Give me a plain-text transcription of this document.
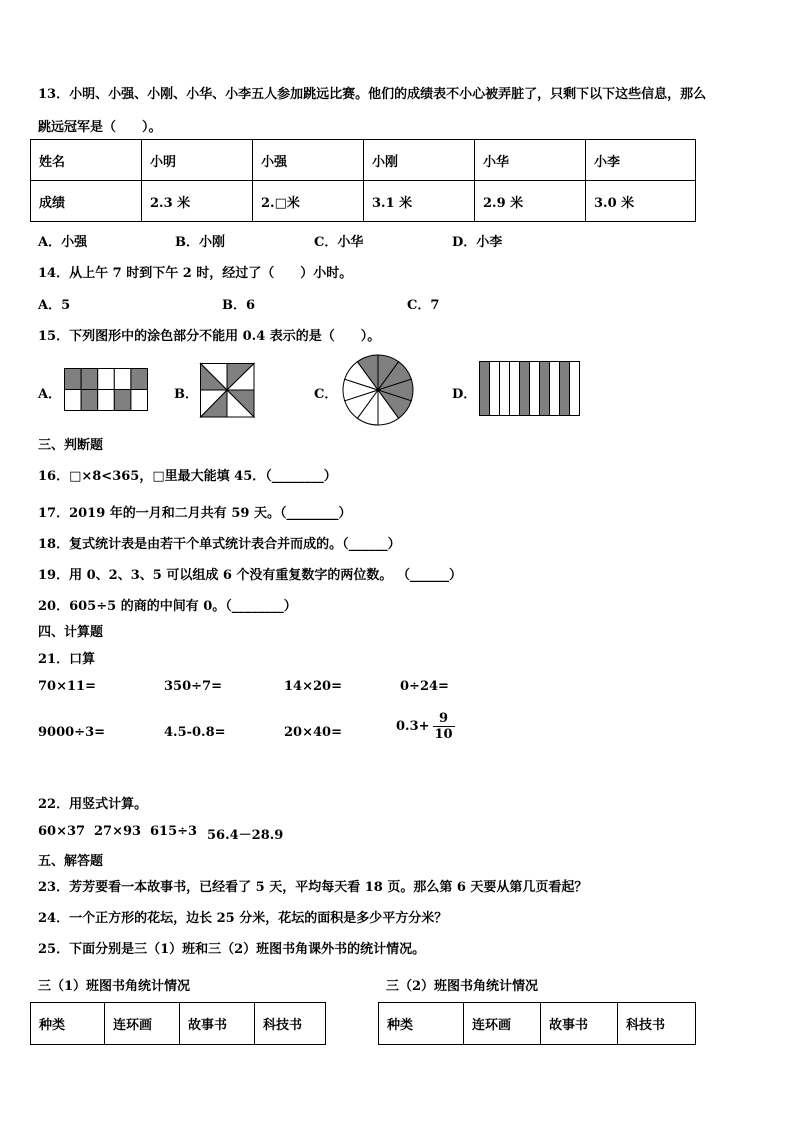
13．小明、小强、小刚、小华、小李五人参加跳远比赛。他们的成绩表不小心被弄脏了，只剩下以下这些信息，那么
跳远冠军是（　　）。
姓名	小明	小强	小刚	小华	小李
成绩	2.3 米	2.□米	3.1 米	2.9 米	3.0 米
A．小强	B．小刚	C．小华	D．小李
14．从上午 7 时到下午 2 时，经过了（　　）小时。
A．5	B．6	C．7
15．下列图形中的涂色部分不能用 0.4 表示的是（　　）。
A．	B．	C．	D．
三、判断题
16．□×8<365，□里最大能填 45．（________）
17．2019 年的一月和二月共有 59 天。（________）
18．复式统计表是由若干个单式统计表合并而成的。（______）
19．用 0、2、3、5 可以组成 6 个没有重复数字的两位数。 （______）
20．605÷5 的商的中间有 0。（________）
四、计算题
21．口算
70×11=	350÷7=	14×20=	0÷24=
9000÷3=	4.5-0.8=	20×40=	$0.3+ \frac{9}{10}$
22．用竖式计算。
60×37 27×93 615÷3 56.4－28.9
五、解答题
23．芳芳要看一本故事书，已经看了 5 天，平均每天看 18 页。那么第 6 天要从第几页看起？
24．一个正方形的花坛，边长 25 分米，花坛的面积是多少平方分米？
25．下面分别是三（1）班和三（2）班图书角课外书的统计情况。
三（1）班图书角统计情况	三（2）班图书角统计情况
种类	连环画	故事书	科技书	种类	连环画	故事书	科技书
